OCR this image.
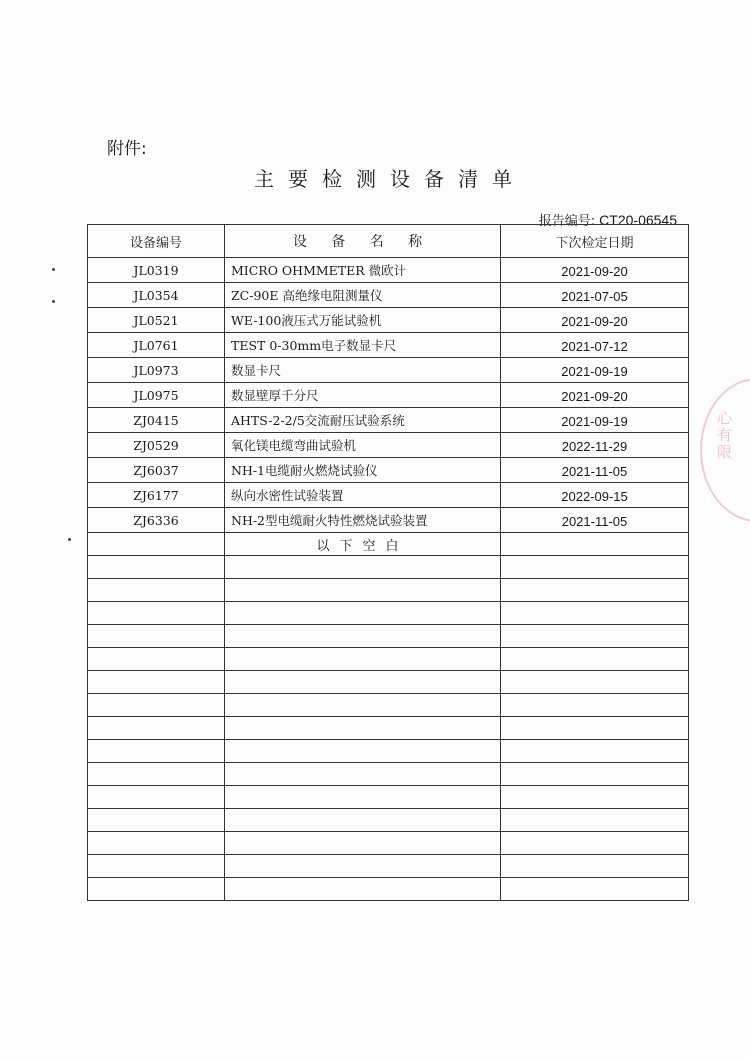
附件:
主要检测设备清单
报告编号: CT20-06545
设备编号	设 备 名 称	下次检定日期
JL0319	MICRO OHMMETER 微欧计	2021-09-20
JL0354	ZC-90E 高绝缘电阻测量仪	2021-07-05
JL0521	WE-100液压式万能试验机	2021-09-20
JL0761	TEST 0-30mm电子数显卡尺	2021-07-12
JL0973	数显卡尺	2021-09-19
JL0975	数显壁厚千分尺	2021-09-20
ZJ0415	AHTS-2-2/5交流耐压试验系统	2021-09-19
ZJ0529	氧化镁电缆弯曲试验机	2022-11-29
ZJ6037	NH-1电缆耐火燃烧试验仪	2021-11-05
ZJ6177	纵向水密性试验装置	2022-09-15
ZJ6336	NH-2型电缆耐火特性燃烧试验装置	2021-11-05
	以下空白	

心有限
